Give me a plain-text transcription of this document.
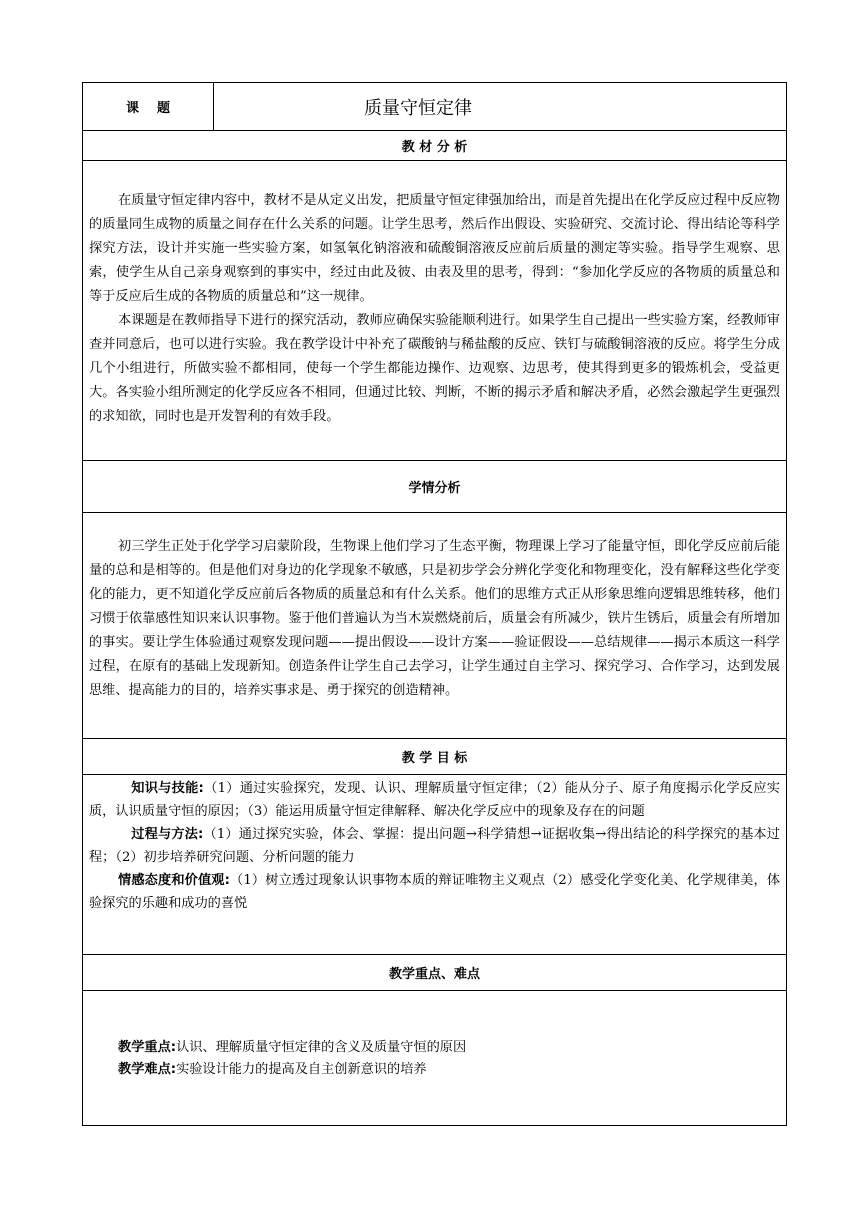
课    题	质量守恒定律
教 材 分 析

在质量守恒定律内容中，教材不是从定义出发，把质量守恒定律强加给出，而是首先提出在化学反应过程中反应物的质量同生成物的质量之间存在什么关系的问题。让学生思考，然后作出假设、实验研究、交流讨论、得出结论等科学探究方法，设计并实施一些实验方案，如氢氧化钠溶液和硫酸铜溶液反应前后质量的测定等实验。指导学生观察、思索，使学生从自己亲身观察到的事实中，经过由此及彼、由表及里的思考，得到：“参加化学反应的各物质的质量总和等于反应后生成的各物质的质量总和”这一规律。

本课题是在教师指导下进行的探究活动，教师应确保实验能顺利进行。如果学生自己提出一些实验方案，经教师审查并同意后，也可以进行实验。我在教学设计中补充了碳酸钠与稀盐酸的反应、铁钉与硫酸铜溶液的反应。将学生分成几个小组进行，所做实验不都相同，使每一个学生都能边操作、边观察、边思考，使其得到更多的锻炼机会，受益更大。各实验小组所测定的化学反应各不相同，但通过比较、判断，不断的揭示矛盾和解决矛盾，必然会激起学生更强烈的求知欲，同时也是开发智利的有效手段。

学情分析

初三学生正处于化学学习启蒙阶段，生物课上他们学习了生态平衡，物理课上学习了能量守恒，即化学反应前后能量的总和是相等的。但是他们对身边的化学现象不敏感，只是初步学会分辨化学变化和物理变化，没有解释这些化学变化的能力，更不知道化学反应前后各物质的质量总和有什么关系。他们的思维方式正从形象思维向逻辑思维转移，他们习惯于依靠感性知识来认识事物。鉴于他们普遍认为当木炭燃烧前后，质量会有所减少，铁片生锈后，质量会有所增加的事实。要让学生体验通过观察发现问题——提出假设——设计方案——验证假设——总结规律——揭示本质这一科学过程，在原有的基础上发现新知。创造条件让学生自己去学习，让学生通过自主学习、探究学习、合作学习，达到发展思维、提高能力的目的，培养实事求是、勇于探究的创造精神。

教 学 目 标

知识与技能:（1）通过实验探究，发现、认识、理解质量守恒定律；（2）能从分子、原子角度揭示化学反应实质，认识质量守恒的原因；（3）能运用质量守恒定律解释、解决化学反应中的现象及存在的问题

过程与方法:（1）通过探究实验，体会、掌握：提出问题→科学猜想→证据收集→得出结论的科学探究的基本过程；（2）初步培养研究问题、分析问题的能力

情感态度和价值观:（1）树立透过现象认识事物本质的辩证唯物主义观点（2）感受化学变化美、化学规律美，体验探究的乐趣和成功的喜悦

教学重点、难点

教学重点:认识、理解质量守恒定律的含义及质量守恒的原因

教学难点:实验设计能力的提高及自主创新意识的培养
